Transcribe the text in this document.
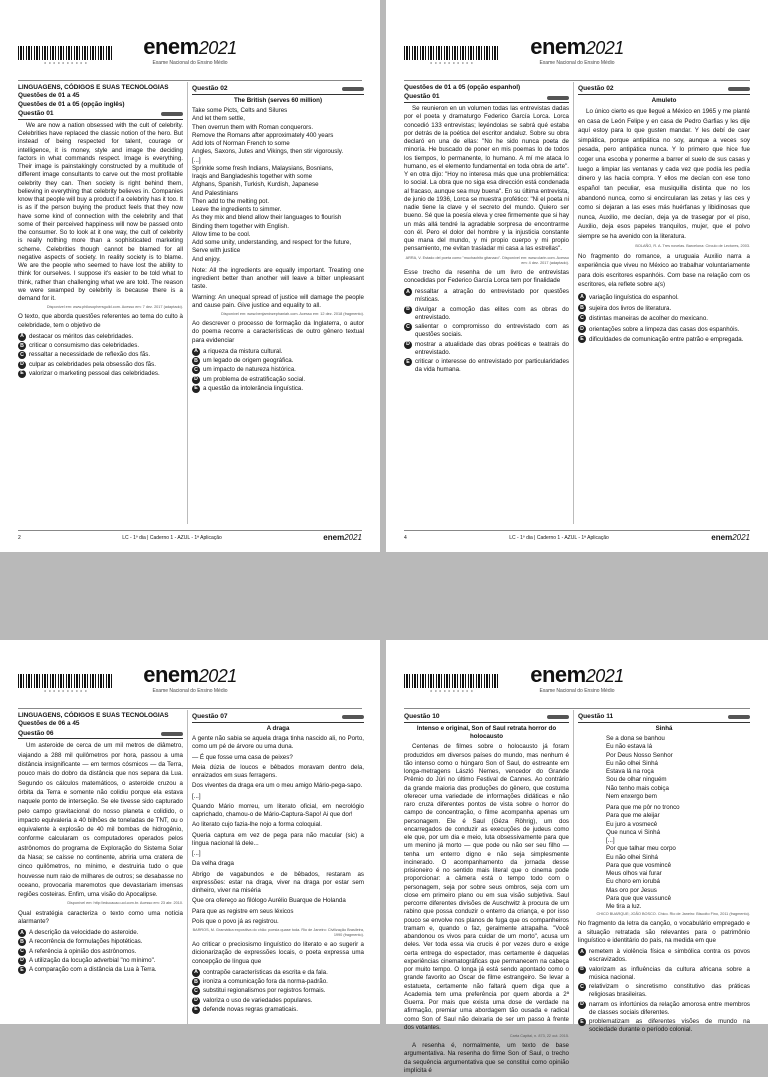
0 0 0 0 0 0 0 0 0 0
enem2021
Exame Nacional do Ensino Médio
LINGUAGENS, CÓDIGOS E SUAS TECNOLOGIAS
Questões de 01 a 45
Questões de 01 a 05 (opção inglês)
Questão 01

We are now a nation obsessed with the cult of celebrity. Celebrities have replaced the classic notion of the hero. But instead of being respected for talent, courage or intelligence, it is money, style and image the deciding factors in what commands respect. Image is everything. Their image is painstakingly constructed by a multitude of different image consultants to carve out the most profitable celebrity they can. Then society is right behind them, believing in everything that celebrity believes in. Companies know that people will buy a product if a celebrity has it too. It is as if the person buying the product feels that they now have some kind of connection with the celebrity and that some of their perceived happiness will now be passed onto the consumer. So to look at it one way, the cult of celebrity is really nothing more than a sophisticated marketing scheme. Celebrities though cannot be blamed for all negative aspects of society. In reality society is to blame. We are the people who seemed to have lost the ability to think for ourselves. I suppose it's easier to be told what to think, rather than challenging what we are told. The reason we were swamped by celebrity is because there is a demand for it.

Disponível em: www.philosophersguild.com. Acesso em: 7 dez. 2017 (adaptado).

O texto, que aborda questões referentes ao tema do culto à celebridade, tem o objetivo de

A destacar os méritos das celebridades.
B criticar o consumismo das celebridades.
C ressaltar a necessidade de reflexão dos fãs.
D culpar as celebridades pela obsessão dos fãs.
E valorizar o marketing pessoal das celebridades.
Questão 02
The British (serves 60 million)

Take some Picts, Celts and Silures

And let them settle,

Then overrun them with Roman conquerors.

Remove the Romans after approximately 400 years

Add lots of Norman French to some

Angles, Saxons, Jutes and Vikings, then stir vigorously.

[...]

Sprinkle some fresh Indians, Malaysians, Bosnians,

Iraqis and Bangladeshis together with some

Afghans, Spanish, Turkish, Kurdish, Japanese

And Palestinians

Then add to the melting pot.

Leave the ingredients to simmer.

As they mix and blend allow their languages to flourish

Binding them together with English.

Allow time to be cool.

Add some unity, understanding, and respect for the future,

Serve with justice

And enjoy.

Note: All the ingredients are equally important. Treating one ingredient better than another will leave a bitter unpleasant taste.

Warning: An unequal spread of justice will damage the people and cause pain. Give justice and equality to all.

Disponível em: www.benjaminzephaniah.com. Acesso em: 12 dez. 2018 (fragmento).

Ao descrever o processo de formação da Inglaterra, o autor do poema recorre a características de outro gênero textual para evidenciar

A a riqueza da mistura cultural.
B um legado de origem geográfica.
C um impacto de natureza histórica.
D um problema de estratificação social.
E a questão da intolerância linguística.
2	LC - 1º dia | Caderno 1 - AZUL - 1ª Aplicação	enem2021
0 0 0 0 0 0 0 0 0 0
enem2021
Exame Nacional do Ensino Médio
Questões de 01 a 05 (opção espanhol)
Questão 01

Se reunieron en un volumen todas las entrevistas dadas por el poeta y dramaturgo Federico García Lorca. Lorca concedió 133 entrevistas; leyéndolas se sabrá qué estaba por detrás de la poética del escritor andaluz. Sobre su obra declaró en una de ellas: "No he sido nunca poeta de minoría. He buscado de poner en mis poemas lo de todos los tiempos, lo permanente, lo humano. A mí me ataca lo humano, es el elemento fundamental en toda obra de arte". Y en otra dijo: "Hoy no interesa más que una problemática: lo social. La obra que no siga esa dirección está condenada al fracaso, aunque sea muy buena". En su última entrevista, de junio de 1936, Lorca se muestra profético: "Ni el poeta ni nadie tiene la clave y el secreto del mundo. Quiero ser bueno. Sé que la poesía eleva y cree firmemente que si hay un más allá tendré la agradable sorpresa de encontrarme con él. Pero el dolor del hombre y la injusticia constante que mana del mundo, y mi propio cuerpo y mi propio pensamiento, me evitan trasladar mi casa a las estrellas".

ARRA, V. Estado del poeta como "muchachito gitanazo". Disponível em: www.clarin.com. Acesso em: 4 dez. 2017 (adaptado).

Esse trecho da resenha de um livro de entrevistas concedidas por Federico García Lorca tem por finalidade

A ressaltar a atração do entrevistado por questões místicas.
B divulgar a comoção das elites com as obras do entrevistado.
C salientar o compromisso do entrevistado com as questões sociais.
D mostrar a atualidade das obras poéticas e teatrais do entrevistado.
E criticar o interesse do entrevistado por particularidades da vida humana.
Questão 02
Amuleto

Lo único cierto es que llegué a México en 1965 y me planté en casa de León Felipe y en casa de Pedro Garfias y les dije aquí estoy para lo que gusten mandar. Y les debí de caer simpática, porque antipática no soy, aunque a veces soy pesada, pero antipática nunca. Y lo primero que hice fue coger una escoba y ponerme a barrer el suelo de sus casas y luego a limpiar las ventanas y cada vez que podía les pedía dinero y las hacía compra. Y ellos me decían con ese tono español tan peculiar, esa musiquilla distinta que no los abandonó nunca, como si encircularan las zetas y las ces y como si dejaran a las eses más huérfanas y libidinosas que nunca, Auxilio, me decían, deja ya de trasegar por el piso, Auxilio, deja esos papeles tranquilos, mujer, que el polvo siempre se ha avenido con la literatura.

BOLAÑO, R. A. Tres novelas. Barcelona: Círculo de Lectores, 2003.

No fragmento do romance, a uruguaia Auxilio narra a experiência que viveu no México ao trabalhar voluntariamente para dois escritores espanhóis. Com base na relação com os escritores, ela reflete sobre a(s)

A variação linguística do espanhol.
B sujeira dos livros de literatura.
C distintas maneiras de acolher do mexicano.
D orientações sobre a limpeza das casas dos espanhóis.
E dificuldades de comunicação entre patrão e empregada.
4	LC - 1º dia | Caderno 1 - AZUL - 1ª Aplicação	enem2021
0 0 0 0 0 0 0 0 0 0
enem2021
Exame Nacional do Ensino Médio
LINGUAGENS, CÓDIGOS E SUAS TECNOLOGIAS
Questões de 06 a 45
Questão 06

Um asteroide de cerca de um mil metros de diâmetro, viajando a 288 mil quilômetros por hora, passou a uma distância insignificante — em termos cósmicos — da Terra, pouco mais do dobro da distância que nos separa da Lua. Segundo os cálculos matemáticos, o asteroide cruzou a órbita da Terra e somente não colidiu porque ela estava naquele ponto de interseção. Se ele tivesse sido capturado pelo campo gravitacional do nosso planeta e colidido, o impacto equivaleria a 40 bilhões de toneladas de TNT, ou o equivalente à explosão de 40 mil bombas de hidrogênio, conforme calcularam os computadores operados pelos astrônomos do programa de Exploração do Sistema Solar da Nasa; se caísse no continente, abriria uma cratera de cinco quilômetros, no mínimo, e destruiria tudo o que houvesse num raio de milhares de outros; se desabasse no oceano, provocaria maremotos que devastariam imensas regiões costeiras. Enfim, uma visão do Apocalipse.

Disponível em: http://educacao.uol.com.br. Acesso em: 23 abr. 2010.

Qual estratégia caracteriza o texto como uma notícia alarmante?

A A descrição da velocidade do asteroide.
B A recorrência de formulações hipotéticas.
C A referência à opinião dos astrônomos.
D A utilização da locução adverbial "no mínimo".
E A comparação com a distância da Lua à Terra.
Questão 07
A draga

A gente não sabia se aquela draga tinha nascido ali, no Porto, como um pé de árvore ou uma duna.

— É que fosse uma casa de peixes?

Meia dúzia de loucos e bêbados moravam dentro dela, enraizados em suas ferragens.

Dos viventes da draga era um o meu amigo Mário-pega-sapo.

[...]

Quando Mário morreu, um literato oficial, em necrológio caprichado, chamou-o de Mário-Captura-Sapo! Ai que dor!

Ao literato cujo fazia-lhe nojo a forma coloquial.

Queria captura em vez de pega para não macular (sic) a língua nacional lá dele...

[...]

Da velha draga

Abrigo de vagabundos e de bêbados, restaram as expressões: estar na draga, viver na draga por estar sem dinheiro, viver na miséria

Que ora ofereço ao filólogo Aurélio Buarque de Holanda

Para que as registre em seus léxicos

Pois que o povo já as registrou.

BARROS, M. Gramática expositiva do chão: poesia quase toda. Rio de Janeiro: Civilização Brasileira, 1990 (fragmento).

Ao criticar o preciosismo linguístico do literato e ao sugerir a dicionarização de expressões locais, o poeta expressa uma concepção de língua que

A contrapõe características da escrita e da fala.
B ironiza a comunicação fora da norma-padrão.
C substitui regionalismos por registros formais.
D valoriza o uso de variedades populares.
E defende novas regras gramaticais.
0 0 0 0 0 0 0 0 0 0
enem2021
Exame Nacional do Ensino Médio
Questão 10
Intenso e original, Son of Saul retrata horror do holocausto

Centenas de filmes sobre o holocausto já foram produzidos em diversos países do mundo, mas nenhum é tão intenso como o húngaro Son of Saul, do estreante em longa-metragens László Nemes, vencedor do Grande Prêmio do Júri no último Festival de Cannes. Ao contrário da grande maioria das produções do gênero, que costuma oferecer uma variedade de informações didáticas e não raro cruza diferentes pontos de vista sobre o horror do campo de concentração, o filme acompanha apenas um personagem. Ele é Saul (Géza Röhrig), um dos encarregados de conduzir as execuções de judeus como ele que, por um dia e meio, luta obsessivamente para que um menino já morto — que pode ou não ser seu filho — tenha um enterro digno e não seja simplesmente incinerado. O acompanhamento da jornada desse prisioneiro é no sentido mais literal que o cinema pode proporcionar: a câmera está o tempo todo com o personagem, seja por sobre seus ombros, seja com um close em primeiro plano ou em sua visão subjetiva. Saul percorre diferentes divisões de Auschwitz à procura de um rabino que possa conduzir o enterro da criança, e por isso pouco se envolve nos planos de fuga que os companheiros tramam e, quando o faz, geralmente atrapalha. "Você abandonou os vivos para cuidar de um morto", acusa um deles. Ver toda essa via crucis é por vezes duro e exige certa entrega do espectador, mas certamente é daquelas experiências cinematográficas que permanecem na cabeça por muito tempo. O longa já está sendo apontado como o grande favorito ao Oscar de filme estrangeiro. Se levar a estatueta, certamente não faltará quem diga que a Academia tem uma preferência por quem aborda a 2ª Guerra. Por mais que exista uma dose de verdade na afirmação, premiar uma abordagem tão ousada e radical como Son of Saul não deixaria de ser um passo à frente dos votantes.

Carta Capital, n. 873, 22 out. 2015.

A resenha é, normalmente, um texto de base argumentativa. Na resenha do filme Son of Saul, o trecho da sequência argumentativa que se constitui como opinião implícita é

Questão 11
Sinhá

Se a dona se banhou

Eu não estava lá

Por Deus Nosso Senhor

Eu não olhei Sinhá

Estava lá na roça

Sou de olhar ninguém

Não tenho mais cobiça

Nem enxergo bem

Para que me pôr no tronco

Para que me aleijar

Eu juro a vosmecê

Que nunca vi Sinhá

[...]

Por que talhar meu corpo

Eu não olhei Sinhá

Para que que vosmincê

Meus olhos vai furar

Eu choro em iorubá

Mas oro por Jesus

Para que que vassuncê

Me tira a luz.

CHICO BUARQUE; JOÃO BOSCO. Chico. Rio de Janeiro: Biscoito Fino, 2011 (fragmento).

No fragmento da letra da canção, o vocabulário empregado e a situação retratada são relevantes para o patrimônio linguístico e identitário do país, na medida em que

A remetem à violência física e simbólica contra os povos escravizados.
B valorizam as influências da cultura africana sobre a música nacional.
C relativizam o sincretismo constitutivo das práticas religiosas brasileiras.
D narram os infortúnios da relação amorosa entre membros de classes sociais diferentes.
E problematizam as diferentes visões de mundo na sociedade durante o período colonial.
